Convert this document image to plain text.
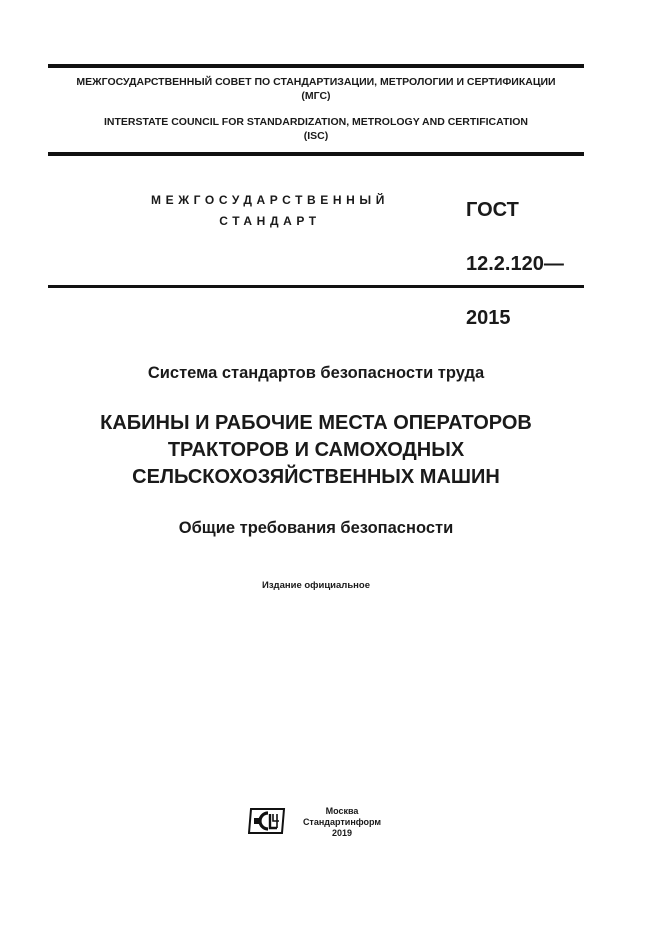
МЕЖГОСУДАРСТВЕННЫЙ СОВЕТ ПО СТАНДАРТИЗАЦИИ, МЕТРОЛОГИИ И СЕРТИФИКАЦИИ
(МГС)

INTERSTATE COUNCIL FOR STANDARDIZATION, METROLOGY AND CERTIFICATION
(ISC)

МЕЖГОСУДАРСТВЕННЫЙ
СТАНДАРТ	ГОСТ

12.2.120—

2015

Система стандартов безопасности труда

КАБИНЫ И РАБОЧИЕ МЕСТА ОПЕРАТОРОВ
ТРАКТОРОВ И САМОХОДНЫХ
СЕЛЬСКОХОЗЯЙСТВЕННЫХ МАШИН

Общие требования безопасности

Издание официальное

Москва
Стандартинформ
2019
